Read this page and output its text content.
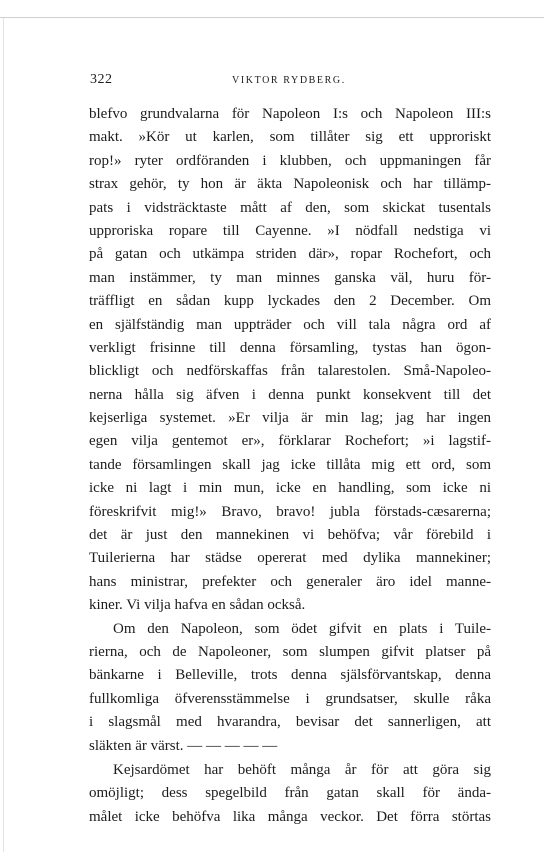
322	VIKTOR RYDBERG.
blefvo grundvalarna för Napoleon I:s och Napoleon III:s
makt. »Kör ut karlen, som tillåter sig ett upproriskt
rop!» ryter ordföranden i klubben, och uppmaningen får
strax gehör, ty hon är äkta Napoleonisk och har tillämp-
pats i vidsträcktaste mått af den, som skickat tusentals
upproriska ropare till Cayenne. »I nödfall nedstiga vi
på gatan och utkämpa striden där», ropar Rochefort, och
man instämmer, ty man minnes ganska väl, huru för-
träffligt en sådan kupp lyckades den 2 December. Om
en själfständig man uppträder och vill tala några ord af
verkligt frisinne till denna församling, tystas han ögon-
blickligt och nedförskaffas från talarestolen. Små-Napoleo-
nerna hålla sig äfven i denna punkt konsekvent till det
kejserliga systemet. »Er vilja är min lag; jag har ingen
egen vilja gentemot er», förklarar Rochefort; »i lagstif-
tande församlingen skall jag icke tillåta mig ett ord, som
icke ni lagt i min mun, icke en handling, som icke ni
föreskrifvit mig!» Bravo, bravo! jubla förstads-cæsarerna;
det är just den mannekinen vi behöfva; vår förebild i
Tuilerierna har städse opererat med dylika mannekiner;
hans ministrar, prefekter och generaler äro idel manne-
kiner. Vi vilja hafva en sådan också.
Om den Napoleon, som ödet gifvit en plats i Tuile-
rierna, och de Napoleoner, som slumpen gifvit platser på
bänkarne i Belleville, trots denna själsförvantskap, denna
fullkomliga öfverensstämmelse i grundsatser, skulle råka
i slagsmål med hvarandra, bevisar det sannerligen, att
släkten är värst. — — — — —
Kejsardömet har behöft många år för att göra sig
omöjligt; dess spegelbild från gatan skall för ända-
målet icke behöfva lika många veckor. Det förra störtas
